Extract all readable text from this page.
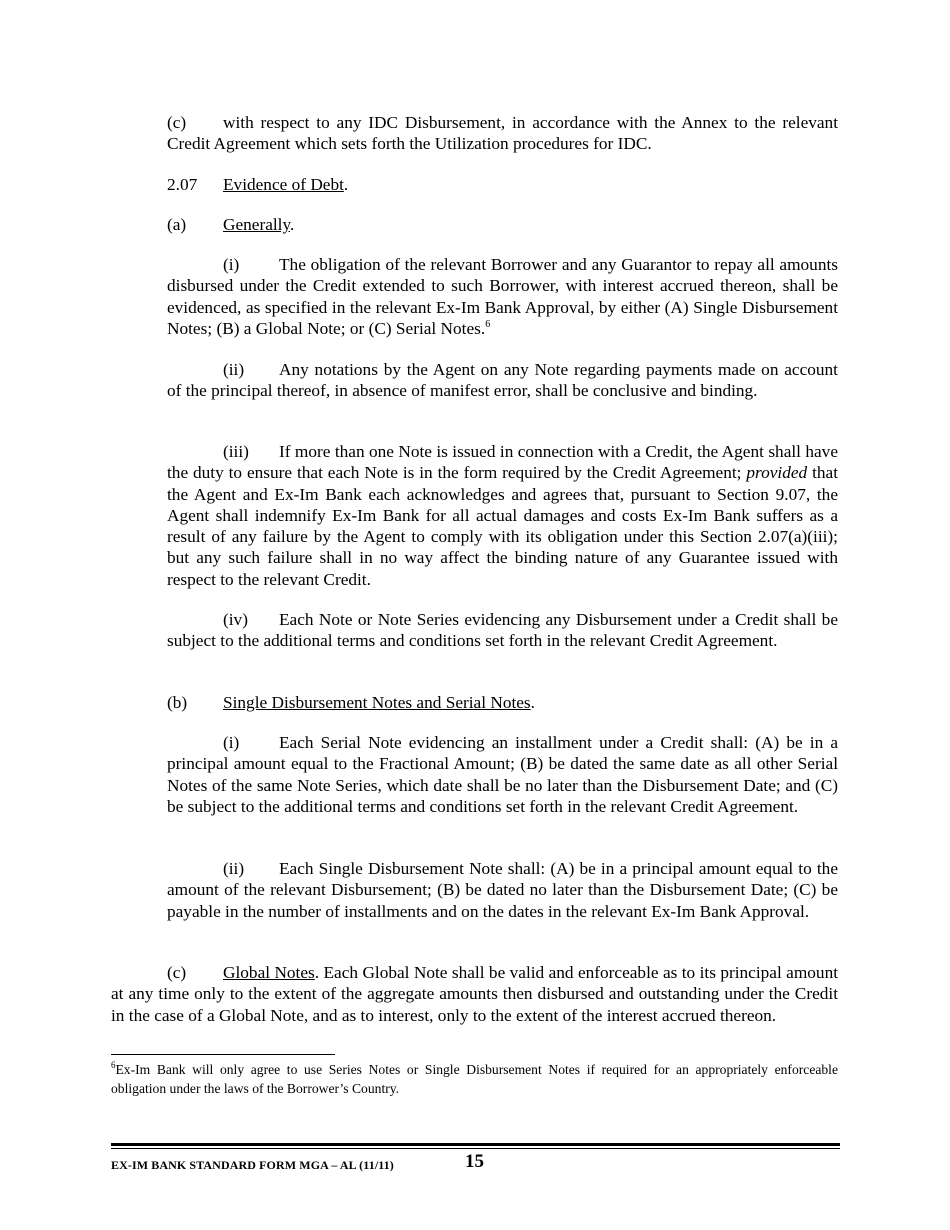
(c) with respect to any IDC Disbursement, in accordance with the Annex to the relevant Credit Agreement which sets forth the Utilization procedures for IDC.

2.07 Evidence of Debt.

(a) Generally.

(i) The obligation of the relevant Borrower and any Guarantor to repay all amounts disbursed under the Credit extended to such Borrower, with interest accrued thereon, shall be evidenced, as specified in the relevant Ex-Im Bank Approval, by either (A) Single Disbursement Notes; (B) a Global Note; or (C) Serial Notes.$^6$

(ii) Any notations by the Agent on any Note regarding payments made on account of the principal thereof, in absence of manifest error, shall be conclusive and binding.

(iii) If more than one Note is issued in connection with a Credit, the Agent shall have the duty to ensure that each Note is in the form required by the Credit Agreement; provided that the Agent and Ex-Im Bank each acknowledges and agrees that, pursuant to Section 9.07, the Agent shall indemnify Ex-Im Bank for all actual damages and costs Ex-Im Bank suffers as a result of any failure by the Agent to comply with its obligation under this Section 2.07(a)(iii); but any such failure shall in no way affect the binding nature of any Guarantee issued with respect to the relevant Credit.

(iv) Each Note or Note Series evidencing any Disbursement under a Credit shall be subject to the additional terms and conditions set forth in the relevant Credit Agreement.

(b) Single Disbursement Notes and Serial Notes.

(i) Each Serial Note evidencing an installment under a Credit shall: (A) be in a principal amount equal to the Fractional Amount; (B) be dated the same date as all other Serial Notes of the same Note Series, which date shall be no later than the Disbursement Date; and (C) be subject to the additional terms and conditions set forth in the relevant Credit Agreement.

(ii) Each Single Disbursement Note shall: (A) be in a principal amount equal to the amount of the relevant Disbursement; (B) be dated no later than the Disbursement Date; (C) be payable in the number of installments and on the dates in the relevant Ex-Im Bank Approval.

(c) Global Notes. Each Global Note shall be valid and enforceable as to its principal amount at any time only to the extent of the aggregate amounts then disbursed and outstanding under the Credit in the case of a Global Note, and as to interest, only to the extent of the interest accrued thereon.

$^6$Ex-Im Bank will only agree to use Series Notes or Single Disbursement Notes if required for an appropriately enforceable obligation under the laws of the Borrower’s Country.

EX-IM BANK STANDARD FORM MGA – AL (11/11)	15
